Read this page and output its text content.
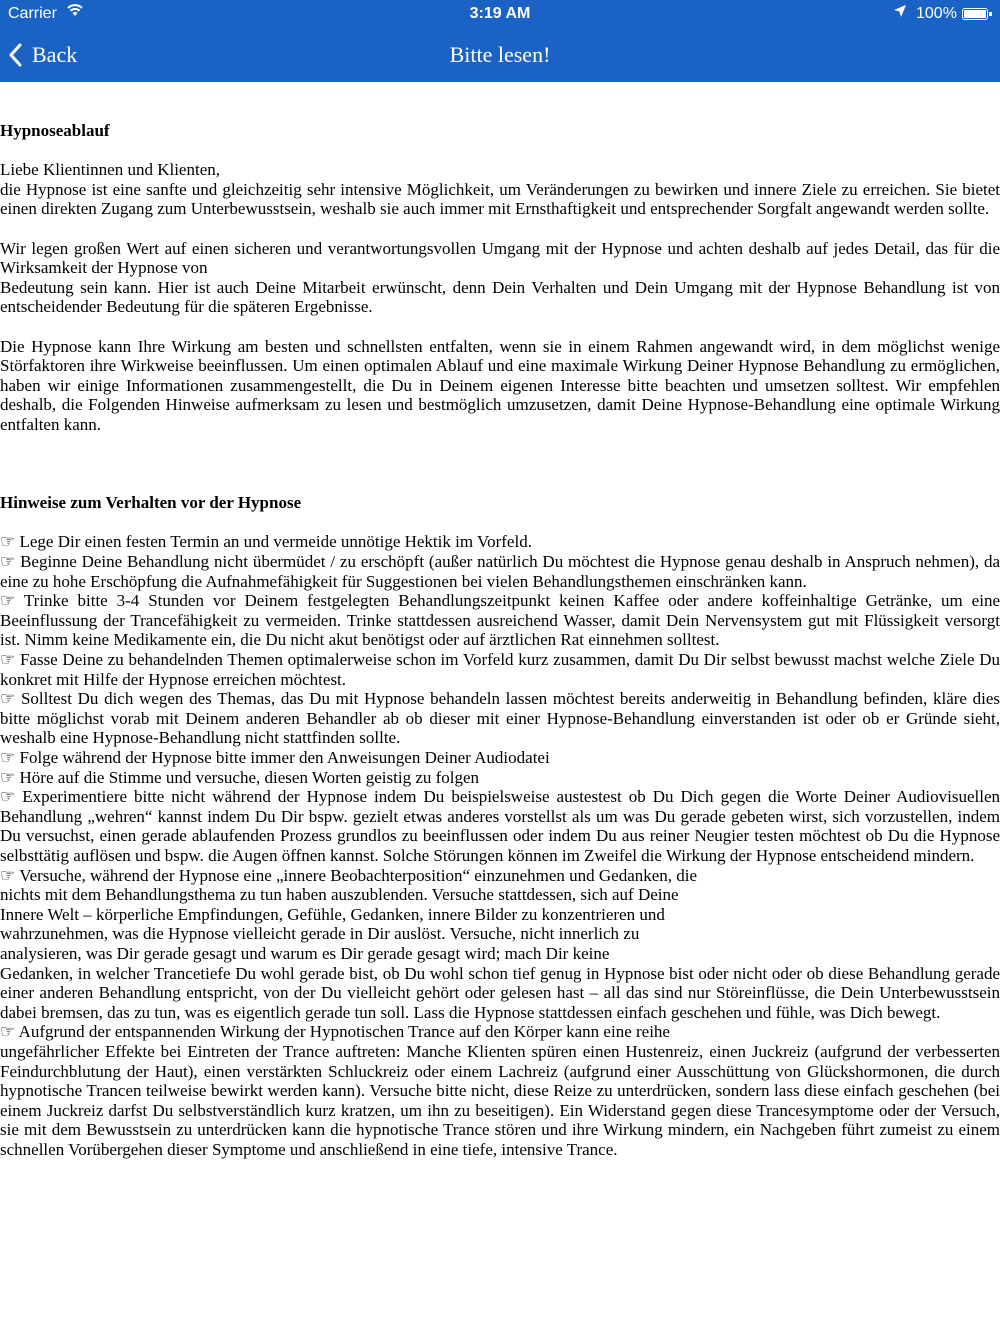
Carrier	3:19 AM	100%
Back	Bitte lesen!
Hypnoseablauf

Liebe Klientinnen und Klienten,

die Hypnose ist eine sanfte und gleichzeitig sehr intensive Möglichkeit, um Veränderungen zu bewirken und innere Ziele zu erreichen. Sie bietet einen direkten Zugang zum Unterbewusstsein, weshalb sie auch immer mit Ernsthaftigkeit und entsprechender Sorgfalt angewandt werden sollte.

Wir legen großen Wert auf einen sicheren und verantwortungsvollen Umgang mit der Hypnose und achten deshalb auf jedes Detail, das für die Wirksamkeit der Hypnose von

Bedeutung sein kann. Hier ist auch Deine Mitarbeit erwünscht, denn Dein Verhalten und Dein Umgang mit der Hypnose Behandlung ist von entscheidender Bedeutung für die späteren Ergebnisse.

Die Hypnose kann Ihre Wirkung am besten und schnellsten entfalten, wenn sie in einem Rahmen angewandt wird, in dem möglichst wenige Störfaktoren ihre Wirkweise beeinflussen. Um einen optimalen Ablauf und eine maximale Wirkung Deiner Hypnose Behandlung zu ermöglichen, haben wir einige Informationen zusammengestellt, die Du in Deinem eigenen Interesse bitte beachten und umsetzen solltest. Wir empfehlen deshalb, die Folgenden Hinweise aufmerksam zu lesen und bestmöglich umzusetzen, damit Deine Hypnose-Behandlung eine optimale Wirkung entfalten kann.

Hinweise zum Verhalten vor der Hypnose

☞ Lege Dir einen festen Termin an und vermeide unnötige Hektik im Vorfeld.

☞ Beginne Deine Behandlung nicht übermüdet / zu erschöpft (außer natürlich Du möchtest die Hypnose genau deshalb in Anspruch nehmen), da eine zu hohe Erschöpfung die Aufnahmefähigkeit für Suggestionen bei vielen Behandlungsthemen einschränken kann.

☞ Trinke bitte 3-4 Stunden vor Deinem festgelegten Behandlungszeitpunkt keinen Kaffee oder andere koffeinhaltige Getränke, um eine Beeinflussung der Trancefähigkeit zu vermeiden. Trinke stattdessen ausreichend Wasser, damit Dein Nervensystem gut mit Flüssigkeit versorgt ist. Nimm keine Medikamente ein, die Du nicht akut benötigst oder auf ärztlichen Rat einnehmen solltest.

☞ Fasse Deine zu behandelnden Themen optimalerweise schon im Vorfeld kurz zusammen, damit Du Dir selbst bewusst machst welche Ziele Du konkret mit Hilfe der Hypnose erreichen möchtest.

☞ Solltest Du dich wegen des Themas, das Du mit Hypnose behandeln lassen möchtest bereits anderweitig in Behandlung befinden, kläre dies bitte möglichst vorab mit Deinem anderen Behandler ab ob dieser mit einer Hypnose-Behandlung einverstanden ist oder ob er Gründe sieht, weshalb eine Hypnose-Behandlung nicht stattfinden sollte.

☞ Folge während der Hypnose bitte immer den Anweisungen Deiner Audiodatei

☞ Höre auf die Stimme und versuche, diesen Worten geistig zu folgen

☞ Experimentiere bitte nicht während der Hypnose indem Du beispielsweise austestest ob Du Dich gegen die Worte Deiner Audiovisuellen Behandlung „wehren“ kannst indem Du Dir bspw. gezielt etwas anderes vorstellst als um was Du gerade gebeten wirst, sich vorzustellen, indem Du versuchst, einen gerade ablaufenden Prozess grundlos zu beeinflussen oder indem Du aus reiner Neugier testen möchtest ob Du die Hypnose selbsttätig auflösen und bspw. die Augen öffnen kannst. Solche Störungen können im Zweifel die Wirkung der Hypnose entscheidend mindern.

☞ Versuche, während der Hypnose eine „innere Beobachterposition“ einzunehmen und Gedanken, die

nichts mit dem Behandlungsthema zu tun haben auszublenden. Versuche stattdessen, sich auf Deine

Innere Welt – körperliche Empfindungen, Gefühle, Gedanken, innere Bilder zu konzentrieren und

wahrzunehmen, was die Hypnose vielleicht gerade in Dir auslöst. Versuche, nicht innerlich zu

analysieren, was Dir gerade gesagt und warum es Dir gerade gesagt wird; mach Dir keine

Gedanken, in welcher Trancetiefe Du wohl gerade bist, ob Du wohl schon tief genug in Hypnose bist oder nicht oder ob diese Behandlung gerade einer anderen Behandlung entspricht, von der Du vielleicht gehört oder gelesen hast – all das sind nur Störeinflüsse, die Dein Unterbewusstsein dabei bremsen, das zu tun, was es eigentlich gerade tun soll. Lass die Hypnose stattdessen einfach geschehen und fühle, was Dich bewegt.

☞ Aufgrund der entspannenden Wirkung der Hypnotischen Trance auf den Körper kann eine reihe

ungefährlicher Effekte bei Eintreten der Trance auftreten: Manche Klienten spüren einen Hustenreiz, einen Juckreiz (aufgrund der verbesserten Feindurchblutung der Haut), einen verstärkten Schluckreiz oder einem Lachreiz (aufgrund einer Ausschüttung von Glückshormonen, die durch hypnotische Trancen teilweise bewirkt werden kann). Versuche bitte nicht, diese Reize zu unterdrücken, sondern lass diese einfach geschehen (bei einem Juckreiz darfst Du selbstverständlich kurz kratzen, um ihn zu beseitigen). Ein Widerstand gegen diese Trancesymptome oder der Versuch, sie mit dem Bewusstsein zu unterdrücken kann die hypnotische Trance stören und ihre Wirkung mindern, ein Nachgeben führt zumeist zu einem schnellen Vorübergehen dieser Symptome und anschließend in eine tiefe, intensive Trance.
